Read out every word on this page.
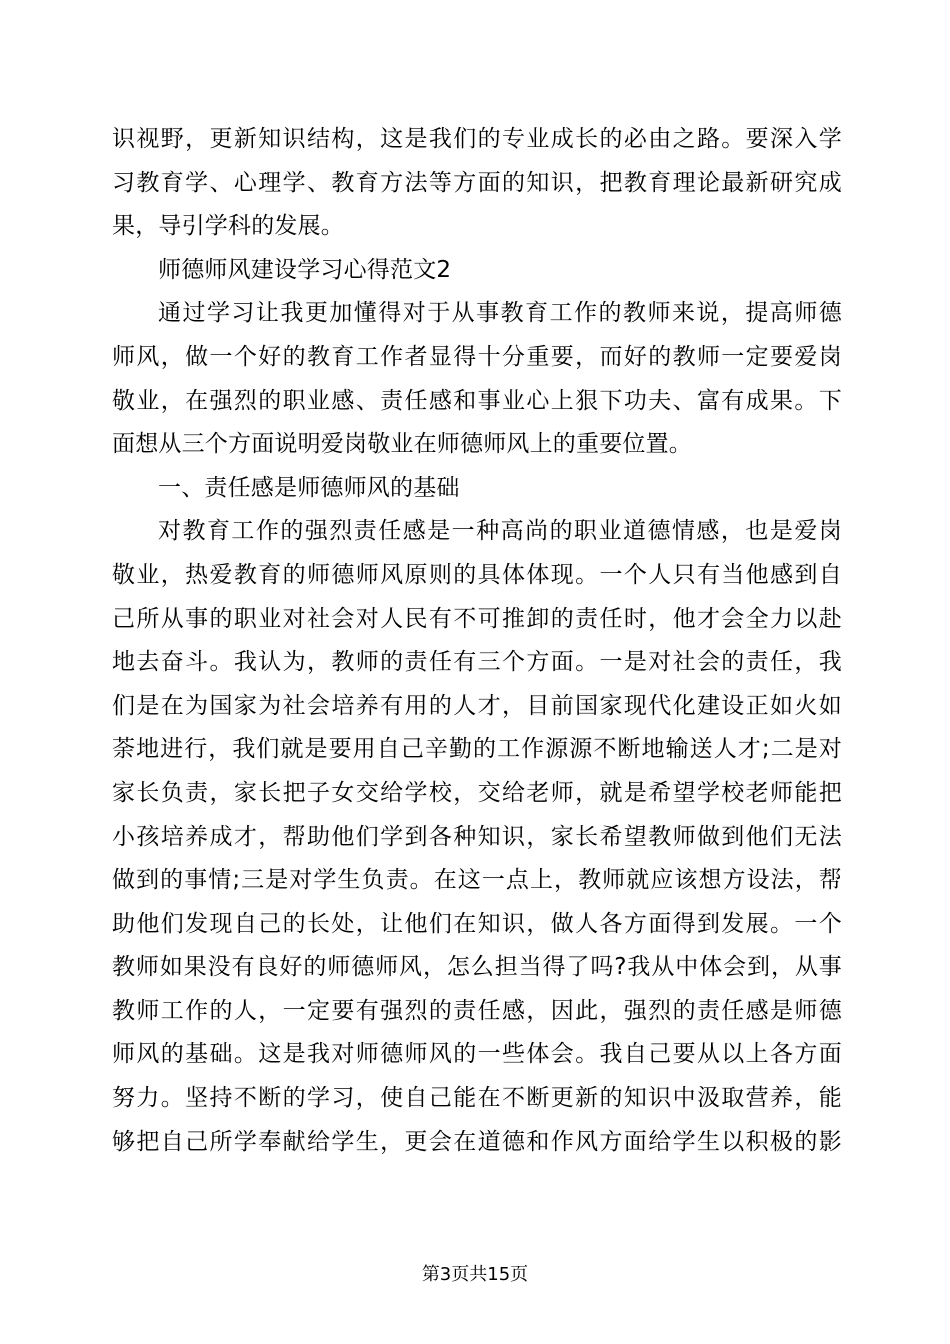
识视野，更新知识结构，这是我们的专业成长的必由之路。要深入学
习教育学、心理学、教育方法等方面的知识，把教育理论最新研究成
果，导引学科的发展。
师德师风建设学习心得范文2
通过学习让我更加懂得对于从事教育工作的教师来说，提高师德
师风，做一个好的教育工作者显得十分重要，而好的教师一定要爱岗
敬业，在强烈的职业感、责任感和事业心上狠下功夫、富有成果。下
面想从三个方面说明爱岗敬业在师德师风上的重要位置。
一、责任感是师德师风的基础
对教育工作的强烈责任感是一种高尚的职业道德情感，也是爱岗
敬业，热爱教育的师德师风原则的具体体现。一个人只有当他感到自
己所从事的职业对社会对人民有不可推卸的责任时，他才会全力以赴
地去奋斗。我认为，教师的责任有三个方面。一是对社会的责任，我
们是在为国家为社会培养有用的人才，目前国家现代化建设正如火如
荼地进行，我们就是要用自己辛勤的工作源源不断地输送人才;二是对
家长负责，家长把子女交给学校，交给老师，就是希望学校老师能把
小孩培养成才，帮助他们学到各种知识，家长希望教师做到他们无法
做到的事情;三是对学生负责。在这一点上，教师就应该想方设法，帮
助他们发现自己的长处，让他们在知识，做人各方面得到发展。一个
教师如果没有良好的师德师风，怎么担当得了吗?我从中体会到，从事
教师工作的人，一定要有强烈的责任感，因此，强烈的责任感是师德
师风的基础。这是我对师德师风的一些体会。我自己要从以上各方面
努力。坚持不断的学习，使自己能在不断更新的知识中汲取营养，能
够把自己所学奉献给学生，更会在道德和作风方面给学生以积极的影
第3页共15页
